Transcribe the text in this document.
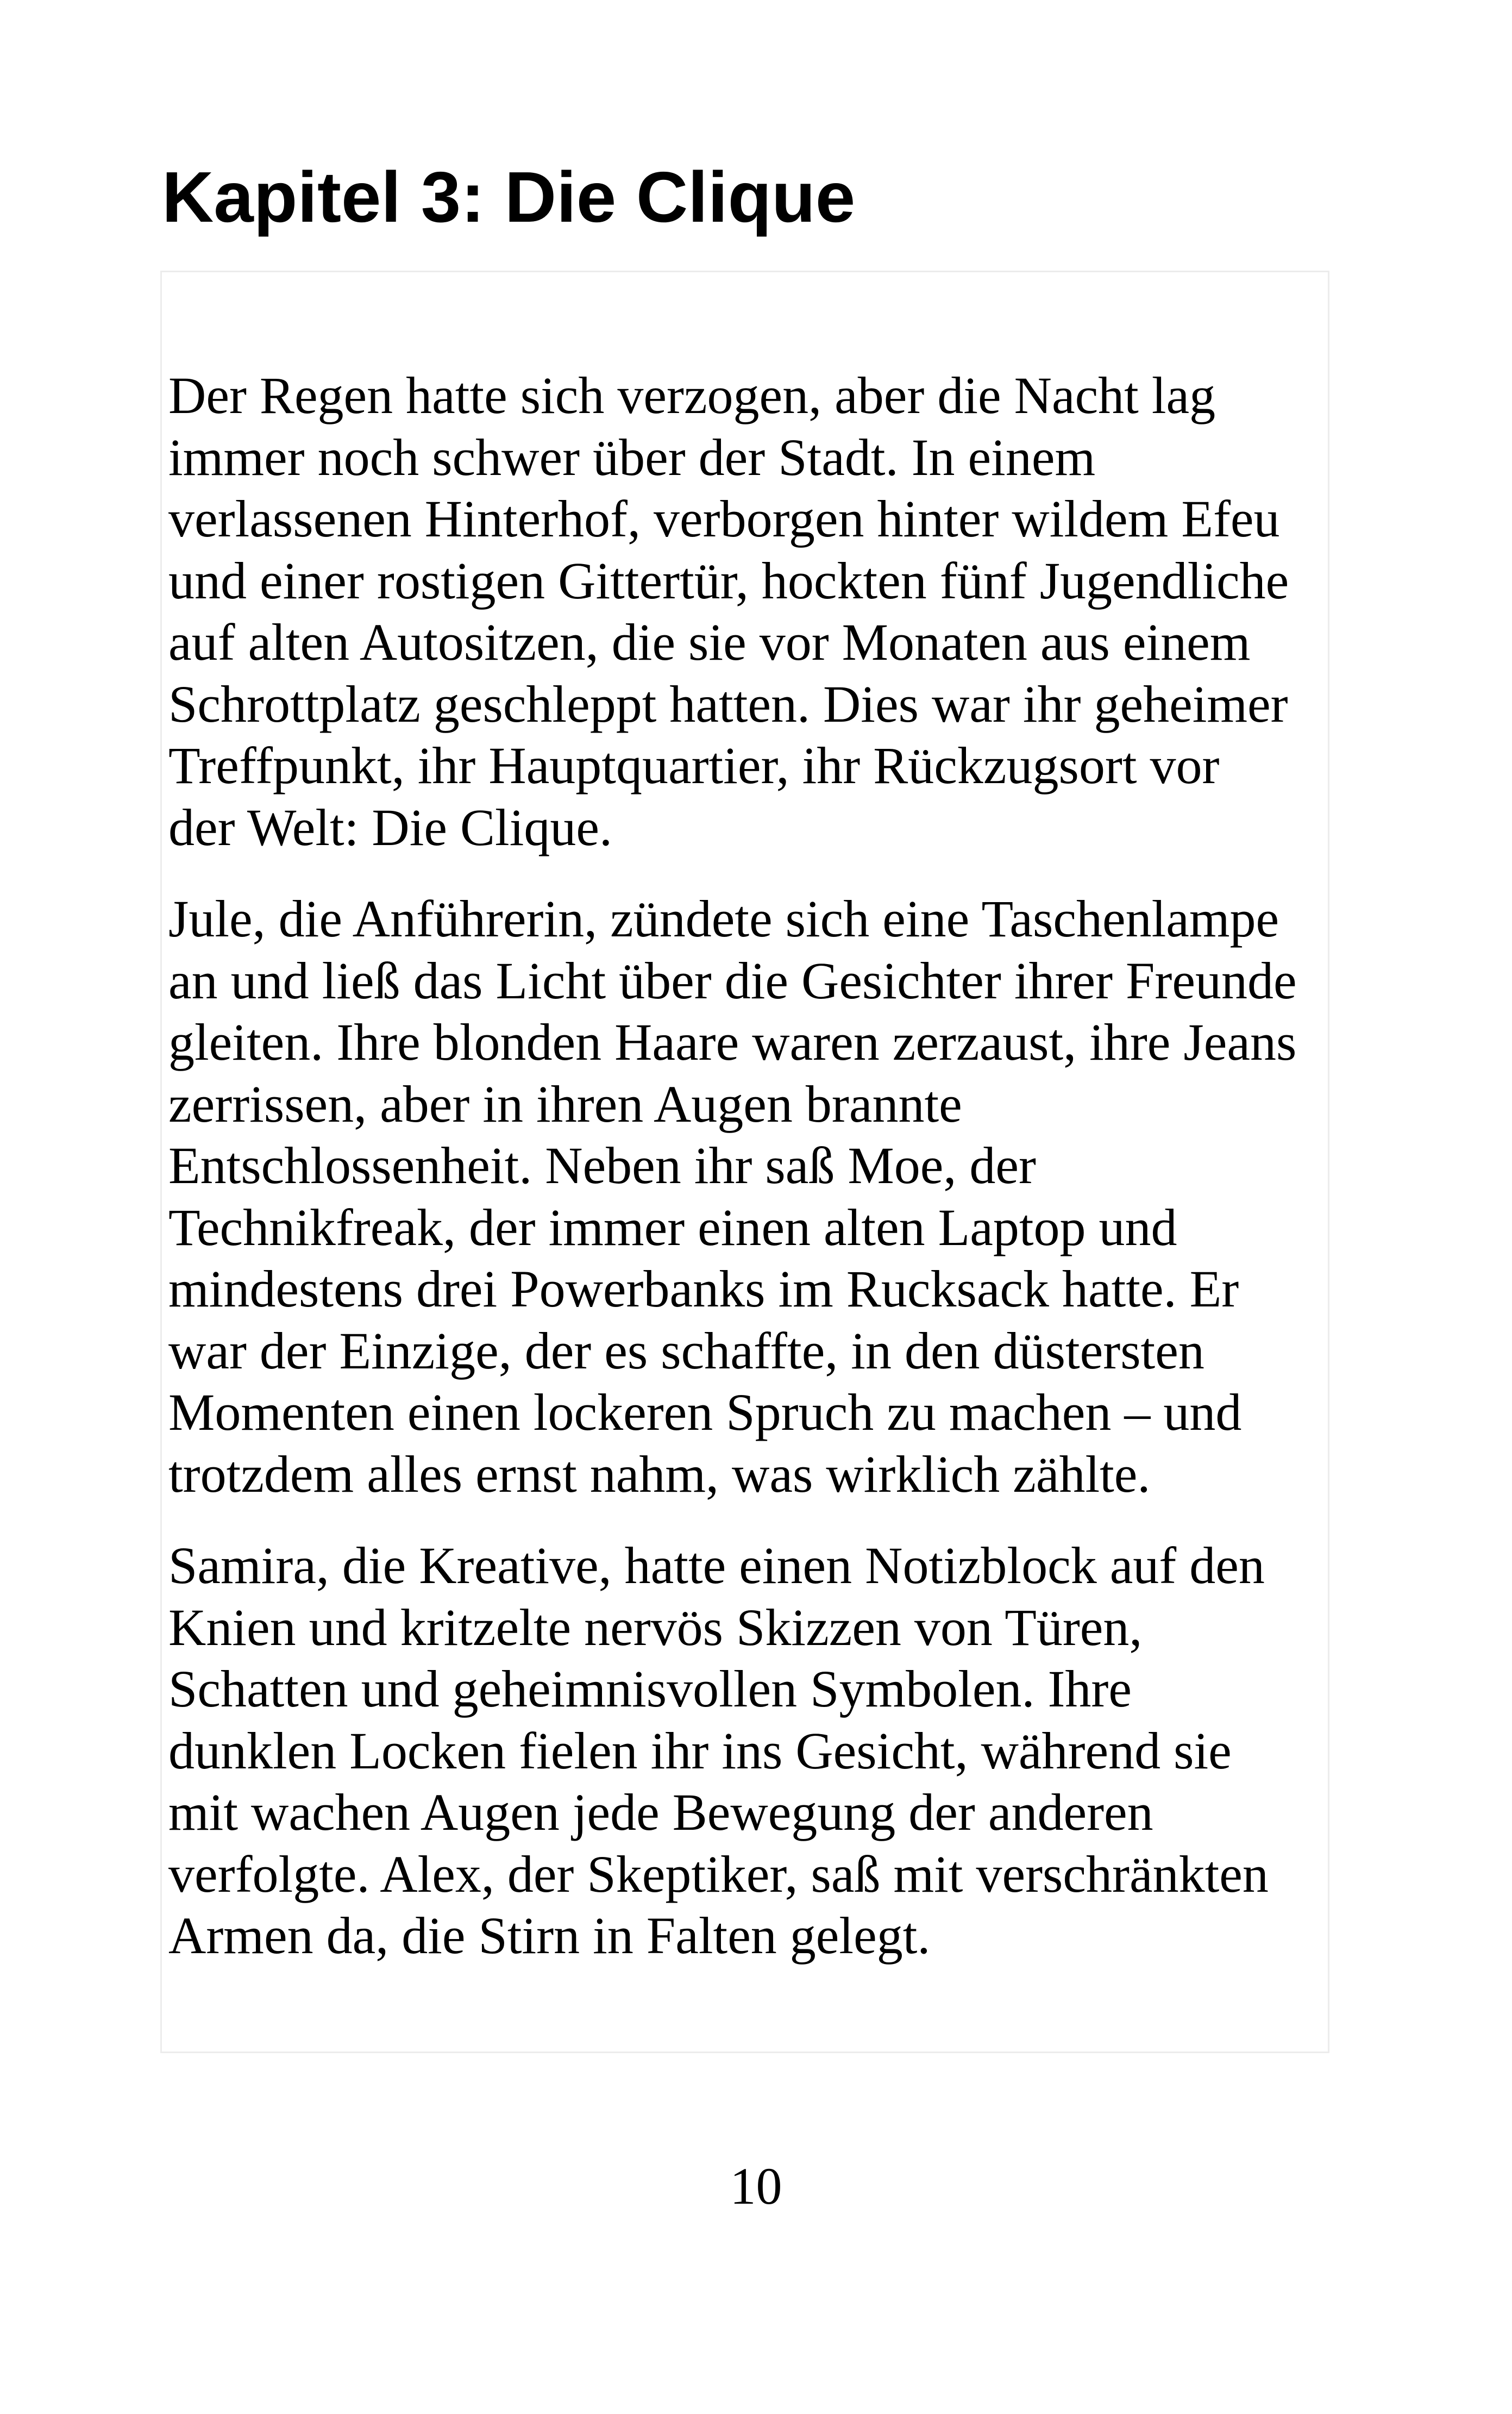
Kapitel 3: Die Clique

Der Regen hatte sich verzogen, aber die Nacht lag
immer noch schwer über der Stadt. In einem
verlassenen Hinterhof, verborgen hinter wildem Efeu
und einer rostigen Gittertür, hockten fünf Jugendliche
auf alten Autositzen, die sie vor Monaten aus einem
Schrottplatz geschleppt hatten. Dies war ihr geheimer
Treffpunkt, ihr Hauptquartier, ihr Rückzugsort vor
der Welt: Die Clique.

Jule, die Anführerin, zündete sich eine Taschenlampe
an und ließ das Licht über die Gesichter ihrer Freunde
gleiten. Ihre blonden Haare waren zerzaust, ihre Jeans
zerrissen, aber in ihren Augen brannte
Entschlossenheit. Neben ihr saß Moe, der
Technikfreak, der immer einen alten Laptop und
mindestens drei Powerbanks im Rucksack hatte. Er
war der Einzige, der es schaffte, in den düstersten
Momenten einen lockeren Spruch zu machen – und
trotzdem alles ernst nahm, was wirklich zählte.

Samira, die Kreative, hatte einen Notizblock auf den
Knien und kritzelte nervös Skizzen von Türen,
Schatten und geheimnisvollen Symbolen. Ihre
dunklen Locken fielen ihr ins Gesicht, während sie
mit wachen Augen jede Bewegung der anderen
verfolgte. Alex, der Skeptiker, saß mit verschränkten
Armen da, die Stirn in Falten gelegt.

10
